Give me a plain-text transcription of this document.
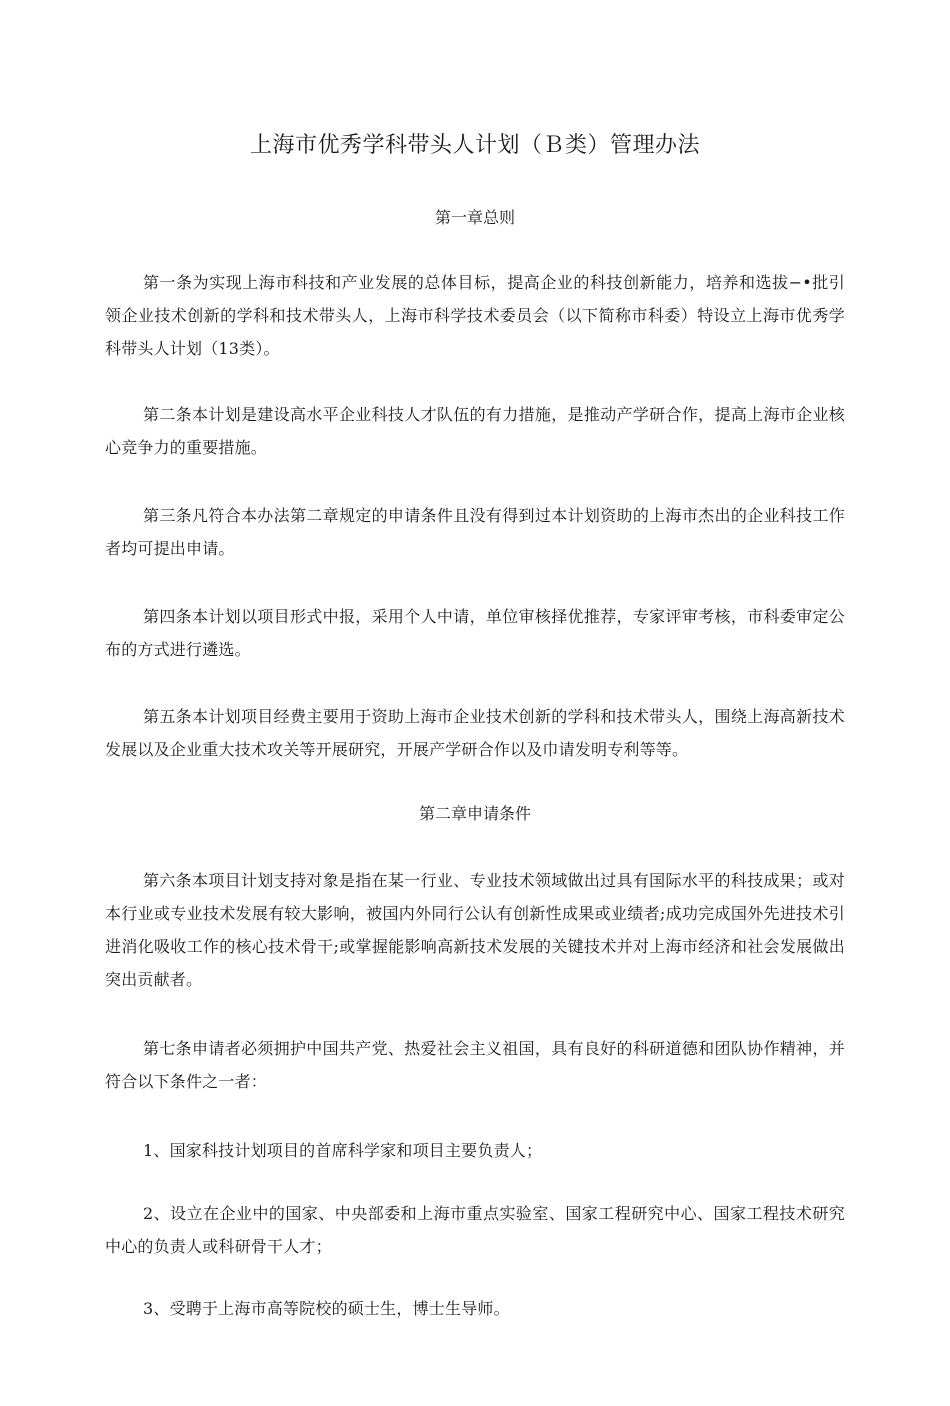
上海市优秀学科带头人计划（Ｂ类）管理办法
第一章总则

第一条为实现上海市科技和产业发展的总体目标，提高企业的科技创新能力，培养和选拔−•批引领企业技术创新的学科和技术带头人，上海市科学技术委员会（以下简称市科委）特设立上海市优秀学科带头人计划（13类）。

第二条本计划是建设高水平企业科技人才队伍的有力措施，是推动产学研合作，提高上海市企业核心竞争力的重要措施。

第三条凡符合本办法第二章规定的申请条件且没有得到过本计划资助的上海市杰出的企业科技工作者均可提出申请。

第四条本计划以项目形式中报，采用个人中请，单位审核择优推荐，专家评审考核，市科委审定公布的方式进行遴选。

第五条本计划项目经费主要用于资助上海市企业技术创新的学科和技术带头人，围绕上海高新技术发展以及企业重大技术攻关等开展研究，开展产学研合作以及巾请发明专利等等。

第二章申请条件

第六条本项目计划支持对象是指在某一行业、专业技术领域做出过具有国际水平的科技成果；或对本行业或专业技术发展有较大影响，被国内外同行公认有创新性成果或业绩者;成功完成国外先进技术引进消化吸收工作的核心技术骨干;或掌握能影响高新技术发展的关键技术并对上海市经济和社会发展做出突出贡献者。

第七条申请者必须拥护中国共产党、热爱社会主义祖国，具有良好的科研道德和团队协作精神，并符合以下条件之一者：

1、国家科技计划项目的首席科学家和项目主要负责人；

2、设立在企业中的国家、中央部委和上海市重点实验室、国家工程研究中心、国家工程技术研究中心的负责人或科研骨干人才；

3、受聘于上海市高等院校的硕士生，博士生导师。
